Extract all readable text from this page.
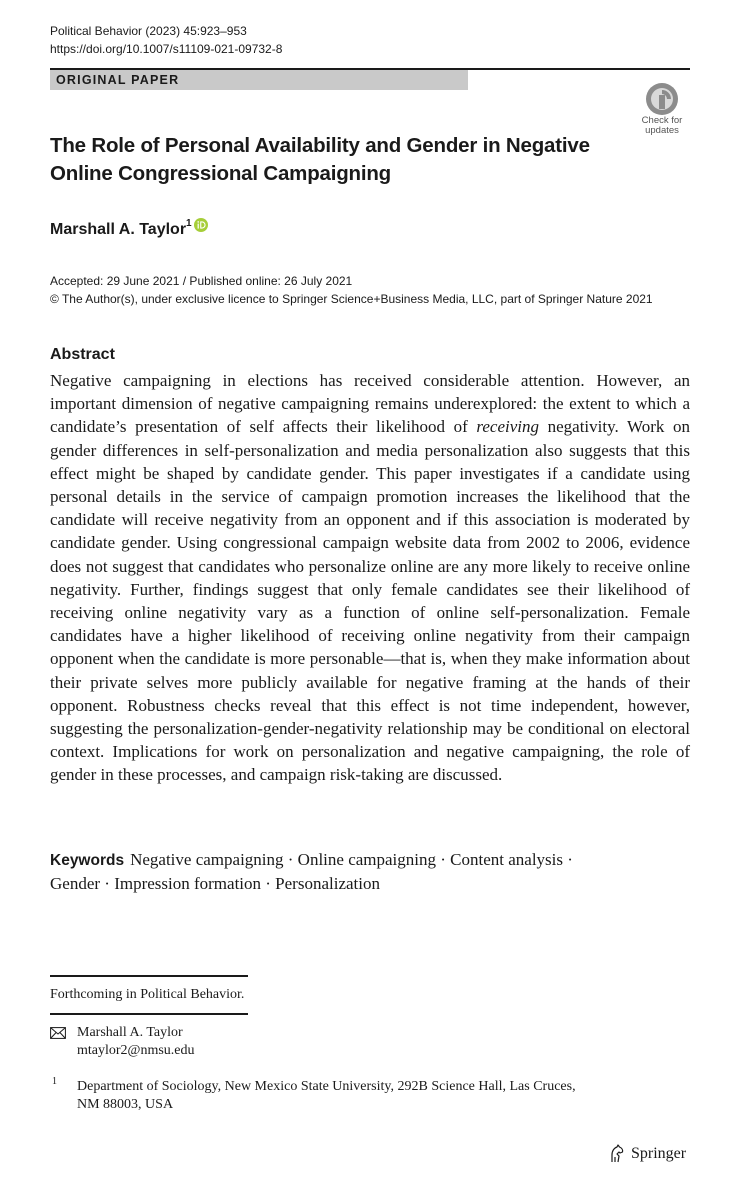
Political Behavior (2023) 45:923–953
https://doi.org/10.1007/s11109-021-09732-8
ORIGINAL PAPER
Check for
updates
The Role of Personal Availability and Gender in Negative
Online Congressional Campaigning
Marshall A. Taylor$^1$
Accepted: 29 June 2021 / Published online: 26 July 2021
© The Author(s), under exclusive licence to Springer Science+Business Media, LLC, part of Springer Nature 2021
Abstract
Negative campaigning in elections has received considerable attention. However, an important dimension of negative campaigning remains underexplored: the extent to which a candidate’s presentation of self affects their likelihood of receiving negativity. Work on gender differences in self-personalization and media personalization also suggests that this effect might be shaped by candidate gender. This paper investigates if a candidate using personal details in the service of campaign promotion increases the likelihood that the candidate will receive negativity from an opponent and if this association is moderated by candidate gender. Using congressional campaign website data from 2002 to 2006, evidence does not suggest that candidates who personalize online are any more likely to receive online negativity. Further, findings suggest that only female candidates see their likelihood of receiving online negativity vary as a function of online self-personalization. Female candidates have a higher likelihood of receiving online negativity from their campaign opponent when the candidate is more personable—that is, when they make information about their private selves more publicly available for negative framing at the hands of their opponent. Robustness checks reveal that this effect is not time independent, however, suggesting the personalization-gender-negativity relationship may be conditional on electoral context. Implications for work on personalization and negative campaigning, the role of gender in these processes, and campaign risk-taking are discussed.
Keywords Negative campaigning · Online campaigning · Content analysis ·
Gender · Impression formation · Personalization
Forthcoming in Political Behavior.
Marshall A. Taylor
mtaylor2@nmsu.edu
1 Department of Sociology, New Mexico State University, 292B Science Hall, Las Cruces,
NM 88003, USA
Springer
